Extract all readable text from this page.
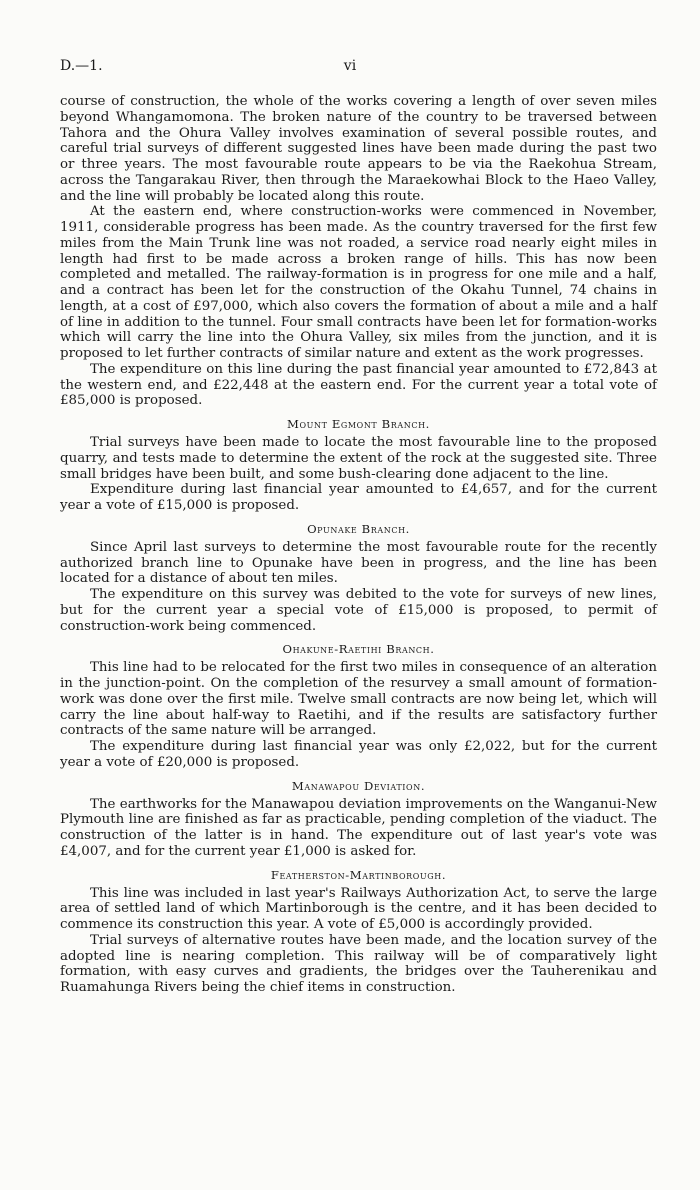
D.—1.	vi

course of construction, the whole of the works covering a length of over seven miles beyond Whangamomona. The broken nature of the country to be traversed between Tahora and the Ohura Valley involves examination of several possible routes, and careful trial surveys of different suggested lines have been made during the past two or three years. The most favourable route appears to be via the Raekohua Stream, across the Tangarakau River, then through the Maraekowhai Block to the Haeo Valley, and the line will probably be located along this route.

At the eastern end, where construction-works were commenced in November, 1911, considerable progress has been made. As the country traversed for the first few miles from the Main Trunk line was not roaded, a service road nearly eight miles in length had first to be made across a broken range of hills. This has now been completed and metalled. The railway-formation is in progress for one mile and a half, and a contract has been let for the construction of the Okahu Tunnel, 74 chains in length, at a cost of £97,000, which also covers the formation of about a mile and a half of line in addition to the tunnel. Four small contracts have been let for formation-works which will carry the line into the Ohura Valley, six miles from the junction, and it is proposed to let further contracts of similar nature and extent as the work progresses.

The expenditure on this line during the past financial year amounted to £72,843 at the western end, and £22,448 at the eastern end. For the current year a total vote of £85,000 is proposed.

Mount Egmont Branch.

Trial surveys have been made to locate the most favourable line to the proposed quarry, and tests made to determine the extent of the rock at the suggested site. Three small bridges have been built, and some bush-clearing done adjacent to the line.

Expenditure during last financial year amounted to £4,657, and for the current year a vote of £15,000 is proposed.

Opunake Branch.

Since April last surveys to determine the most favourable route for the recently authorized branch line to Opunake have been in progress, and the line has been located for a distance of about ten miles.

The expenditure on this survey was debited to the vote for surveys of new lines, but for the current year a special vote of £15,000 is proposed, to permit of construction-work being commenced.

Ohakune-Raetihi Branch.

This line had to be relocated for the first two miles in consequence of an alteration in the junction-point. On the completion of the resurvey a small amount of formation-work was done over the first mile. Twelve small contracts are now being let, which will carry the line about half-way to Raetihi, and if the results are satisfactory further contracts of the same nature will be arranged.

The expenditure during last financial year was only £2,022, but for the current year a vote of £20,000 is proposed.

Manawapou Deviation.

The earthworks for the Manawapou deviation improvements on the Wanganui-New Plymouth line are finished as far as practicable, pending completion of the viaduct. The construction of the latter is in hand. The expenditure out of last year's vote was £4,007, and for the current year £1,000 is asked for.

Featherston-Martinborough.

This line was included in last year's Railways Authorization Act, to serve the large area of settled land of which Martinborough is the centre, and it has been decided to commence its construction this year. A vote of £5,000 is accordingly provided.

Trial surveys of alternative routes have been made, and the location survey of the adopted line is nearing completion. This railway will be of comparatively light formation, with easy curves and gradients, the bridges over the Tauherenikau and Ruamahunga Rivers being the chief items in construction.
